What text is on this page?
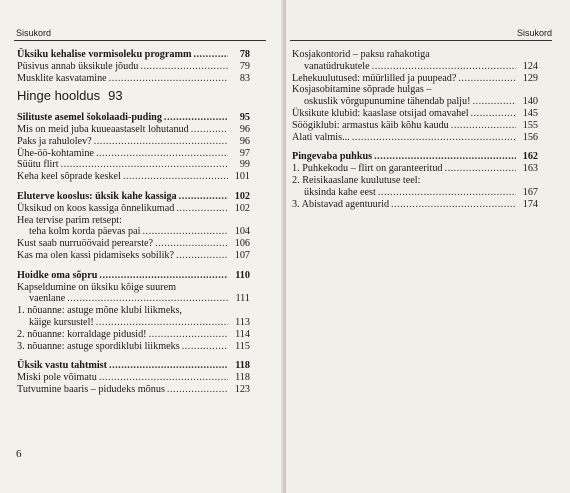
Sisukord
Üksiku kehalise vormisoleku programm .....	78
Püsivus annab üksikule jõudu .....	79
Musklite kasvatamine .....	83
Hinge hooldus 93
Silituste asemel šokolaadi-puding .....	95
Mis on meid juba kuueaastaselt lohutanud .....	96
Paks ja rahulolev? .....	96
Ühe-öö-kohtamine .....	97
Süütu flirt .....	99
Keha keel sõprade keskel .....	101
Eluterve kooslus: üksik kahe kassiga .....	102
Üksikud on koos kassiga õnnelikumad .....	102
Hea tervise parim retsept:
teha kolm korda päevas pai .....	104
Kust saab nurruöövaid perearste? .....	106
Kas ma olen kassi pidamiseks sobilik? .....	107
Hoidke oma sõpru .....	110
Kapseldumine on üksiku kõige suurem
vaenlane .....	111
1. nõuanne: astuge mõne klubi liikmeks,
käige kursustel! .....	113
2. nõuanne: korraldage pidusid! .....	114
3. nõuanne: astuge spordiklubi liikmeks .....	115
Üksik vastu tahtmist .....	118
Miski pole võimatu .....	118
Tutvumine baaris – pidudeks mõnus .....	123
6
Sisukord
Kosjakontorid – paksu rahakotiga
vanatüdrukutele .....	124
Lehekuulutused: müürlilled ja puupead? .....	129
Kosjasobitamine sõprade hulgas –
oskuslik võrgupunumine tähendab palju! .....	140
Üksikute klubid: kaaslase otsijad omavahel .....	145
Söögiklubi: armastus käib kõhu kaudu .....	155
Alati valmis... .....	156
Pingevaba puhkus .....	162
1. Puhkekodu – flirt on garanteeritud .....	163
2. Reisikaaslane kuulutuse teel:
üksinda kahe eest .....	167
3. Abistavad agentuurid .....	174
